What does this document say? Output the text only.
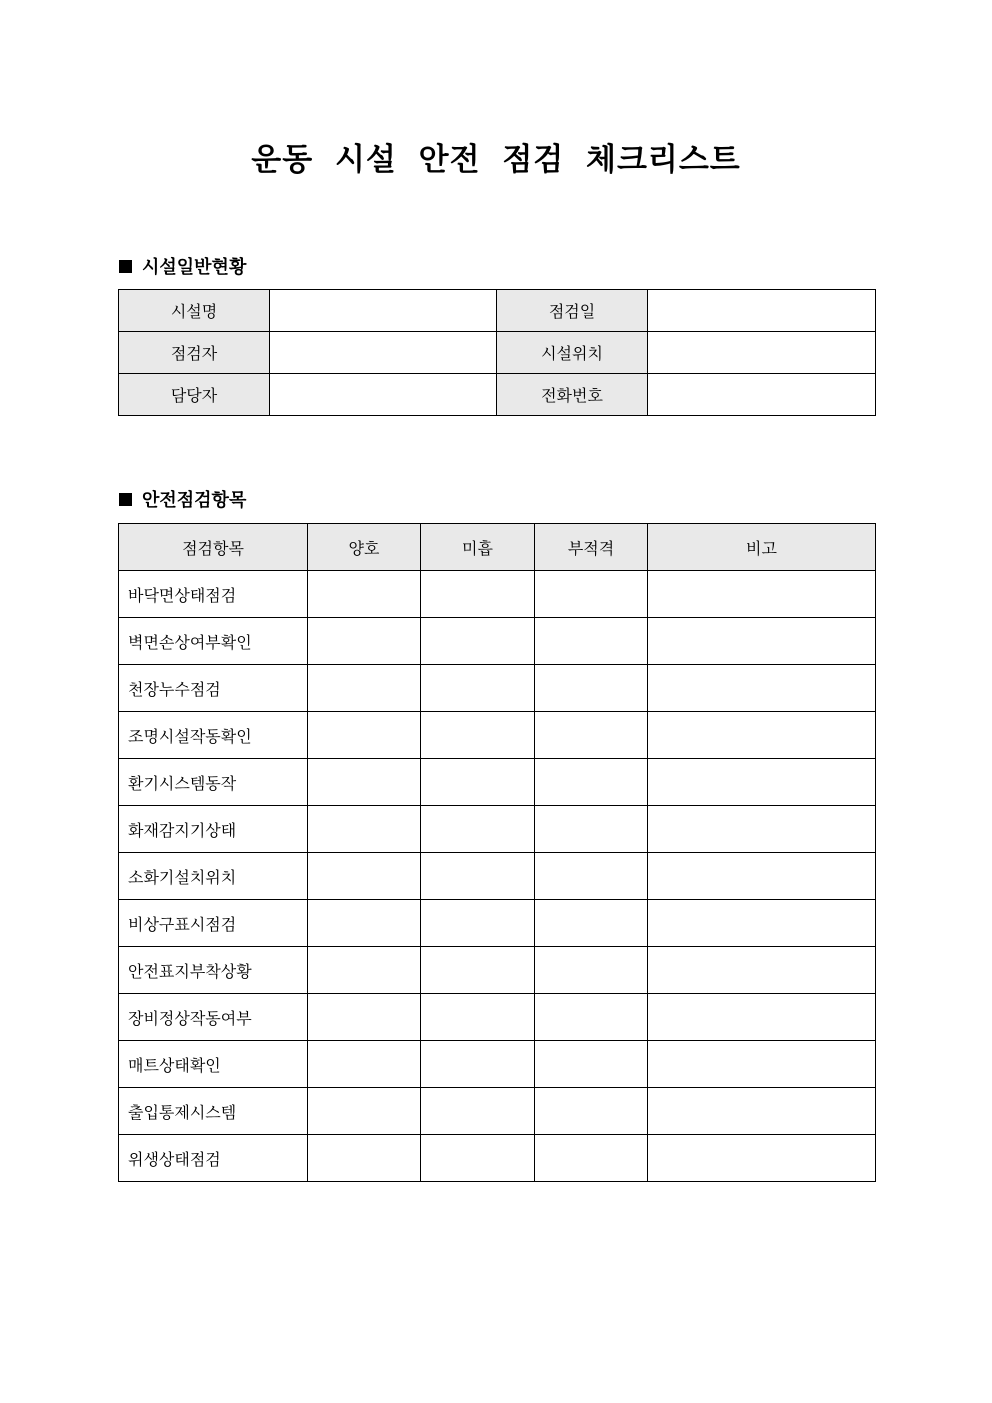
운동 시설 안전 점검 체크리스트
시설일반현황
시설명		점검일	
점검자		시설위치	
담당자		전화번호	
안전점검항목
점검항목	양호	미흡	부적격	비고
바닥면상태점검				
벽면손상여부확인				
천장누수점검				
조명시설작동확인				
환기시스템동작				
화재감지기상태				
소화기설치위치				
비상구표시점검				
안전표지부착상황				
장비정상작동여부				
매트상태확인				
출입통제시스템				
위생상태점검				
